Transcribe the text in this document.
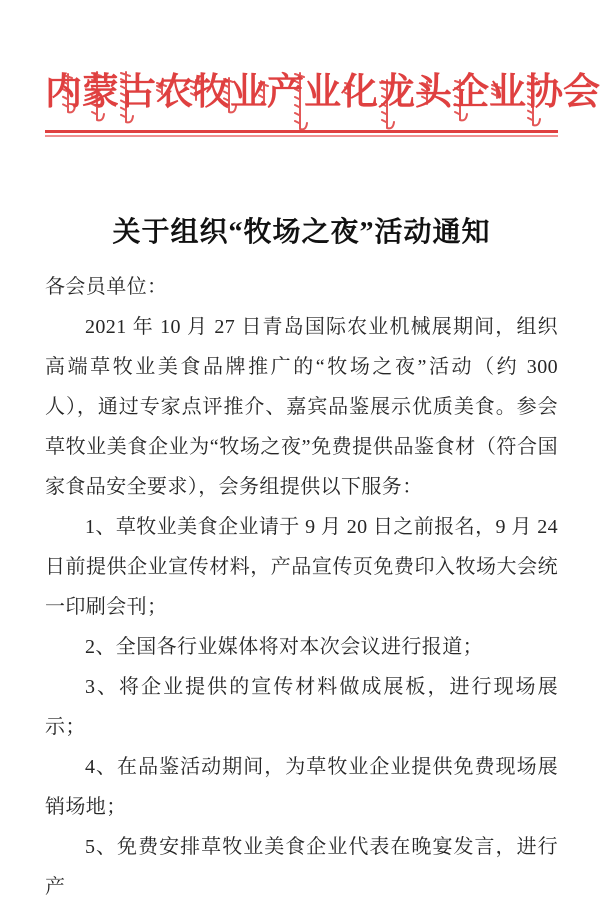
内蒙古农牧业产业化龙头企业协会
关于组织“牧场之夜”活动通知

各会员单位：

2021 年 10 月 27 日青岛国际农业机械展期间，组织高端草牧业美食品牌推广的“牧场之夜”活动（约 300 人），通过专家点评推介、嘉宾品鉴展示优质美食。参会草牧业美食企业为“牧场之夜”免费提供品鉴食材（符合国家食品安全要求），会务组提供以下服务：

1、草牧业美食企业请于 9 月 20 日之前报名，9 月 24 日前提供企业宣传材料，产品宣传页免费印入牧场大会统一印刷会刊；

2、全国各行业媒体将对本次会议进行报道；

3、将企业提供的宣传材料做成展板，进行现场展示；

4、在品鉴活动期间，为草牧业企业提供免费现场展销场地；

5、免费安排草牧业美食企业代表在晚宴发言，进行产
